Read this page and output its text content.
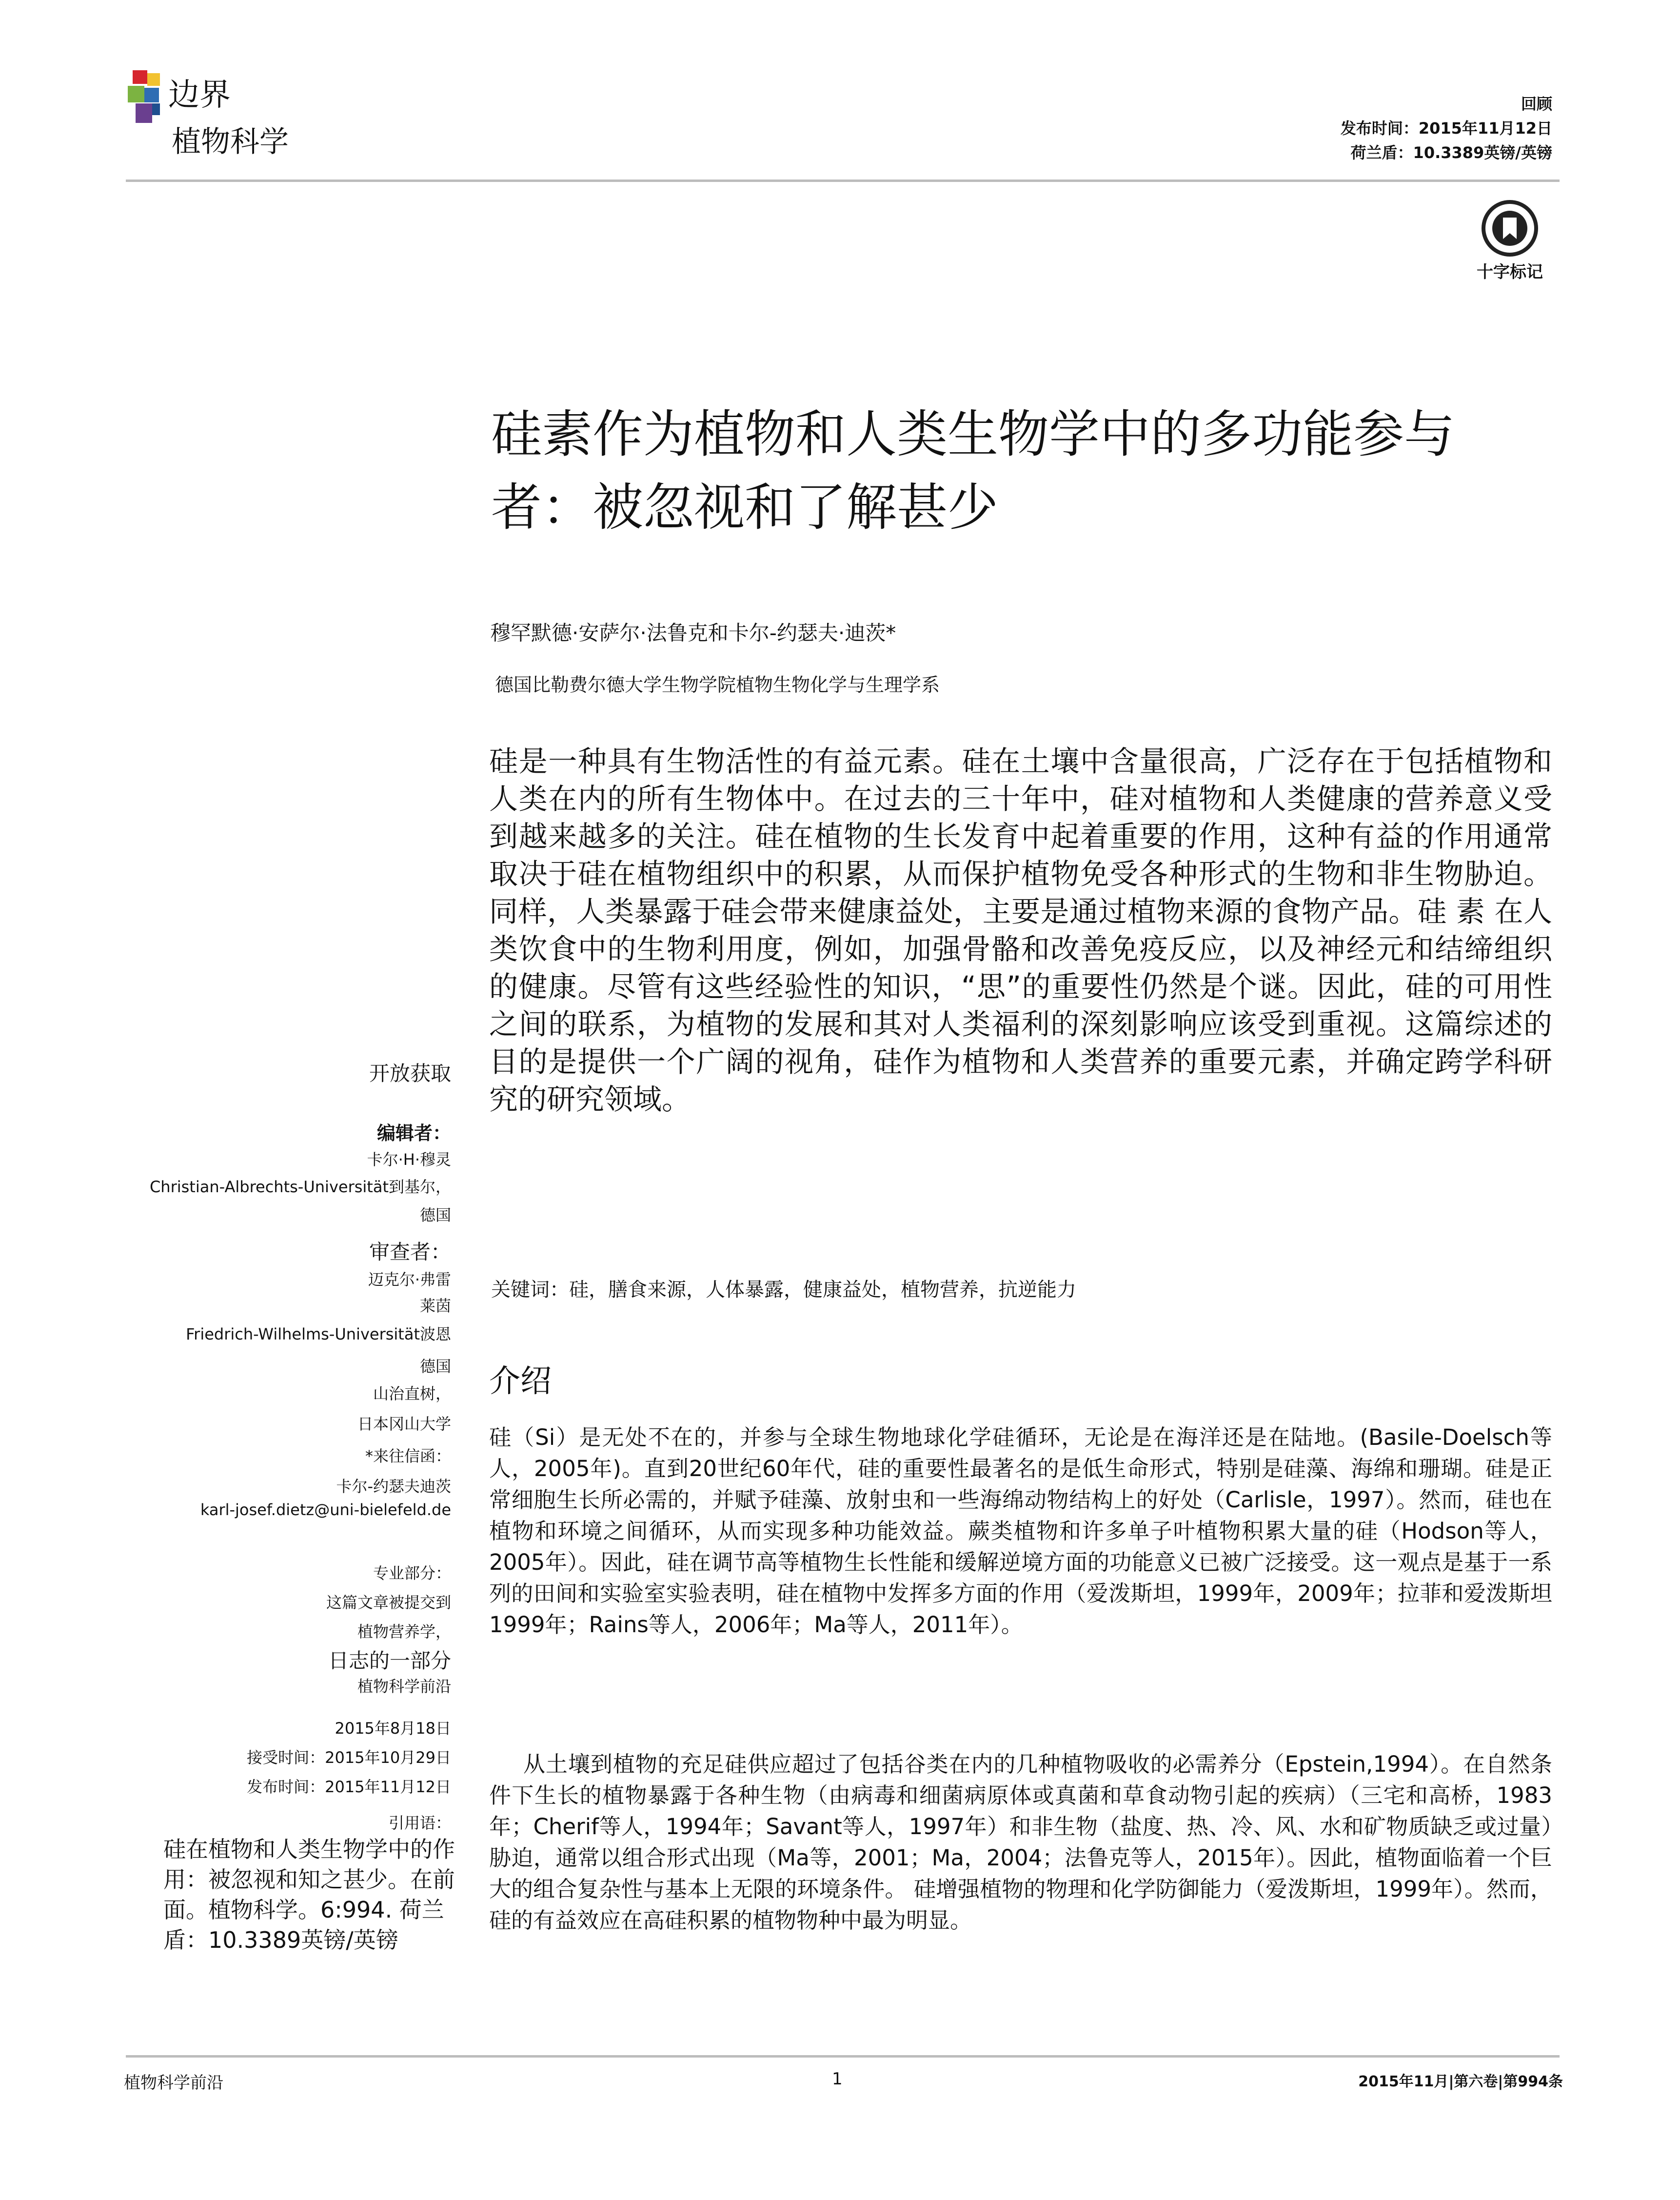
边界
植物科学
回顾
发布时间：2015年11月12日
荷兰盾：10.3389英镑/英镑
十字标记
硅素作为植物和人类生物学中的多功能参与者：被忽视和了解甚少
穆罕默德·安萨尔·法鲁克和卡尔-约瑟夫·迪茨*
德国比勒费尔德大学生物学院植物生物化学与生理学系
硅是一种具有生物活性的有益元素。硅在土壤中含量很高，广泛存在于包括植物和人类在内的所有生物体中。在过去的三十年中，硅对植物和人类健康的营养意义受到越来越多的关注。硅在植物的生长发育中起着重要的作用，这种有益的作用通常取决于硅在植物组织中的积累，从而保护植物免受各种形式的生物和非生物胁迫。同样，人类暴露于硅会带来健康益处，主要是通过植物来源的食物产品。硅 素 在人类饮食中的生物利用度，例如，加强骨骼和改善免疫反应，以及神经元和结缔组织的健康。尽管有这些经验性的知识，“思”的重要性仍然是个谜。因此，硅的可用性之间的联系，为植物的发展和其对人类福利的深刻影响应该受到重视。这篇综述的目的是提供一个广阔的视角，硅作为植物和人类营养的重要元素，并确定跨学科研究的研究领域。
关键词：硅，膳食来源，人体暴露，健康益处，植物营养，抗逆能力
介绍
硅（Si）是无处不在的，并参与全球生物地球化学硅循环，无论是在海洋还是在陆地。(Basile-Doelsch等人，2005年)。直到20世纪60年代，硅的重要性最著名的是低生命形式，特别是硅藻、海绵和珊瑚。硅是正常细胞生长所必需的，并赋予硅藻、放射虫和一些海绵动物结构上的好处（Carlisle，1997）。然而，硅也在植物和环境之间循环，从而实现多种功能效益。蕨类植物和许多单子叶植物积累大量的硅（Hodson等人，2005年）。因此，硅在调节高等植物生长性能和缓解逆境方面的功能意义已被广泛接受。这一观点是基于一系列的田间和实验室实验表明，硅在植物中发挥多方面的作用（爱泼斯坦，1999年，2009年；拉菲和爱泼斯坦1999年；Rains等人，2006年；Ma等人，2011年）。
从土壤到植物的充足硅供应超过了包括谷类在内的几种植物吸收的必需养分（Epstein,1994）。在自然条件下生长的植物暴露于各种生物（由病毒和细菌病原体或真菌和草食动物引起的疾病）（三宅和高桥，1983年；Cherif等人，1994年；Savant等人，1997年）和非生物（盐度、热、冷、风、水和矿物质缺乏或过量）胁迫，通常以组合形式出现（Ma等，2001；Ma，2004；法鲁克等人，2015年）。因此，植物面临着一个巨大的组合复杂性与基本上无限的环境条件。 硅增强植物的物理和化学防御能力（爱泼斯坦，1999年）。然而，硅的有益效应在高硅积累的植物物种中最为明显。
开放获取
编辑者：
卡尔·H·穆灵
Christian-Albrechts-Universität到基尔，
德国
审查者：
迈克尔·弗雷
莱茵
Friedrich-Wilhelms-Universität波恩
德国
山治直树，
日本冈山大学
*来往信函：
卡尔-约瑟夫迪茨
karl-josef.dietz@uni-bielefeld.de
专业部分：
这篇文章被提交到
植物营养学，
日志的一部分
植物科学前沿
2015年8月18日
接受时间：2015年10月29日
发布时间：2015年11月12日
引用语：
硅在植物和人类生物学中的作用：被忽视和知之甚少。在前面。植物科学。6:994. 荷兰盾：10.3389英镑/英镑
植物科学前沿	1	2015年11月|第六卷|第994条
